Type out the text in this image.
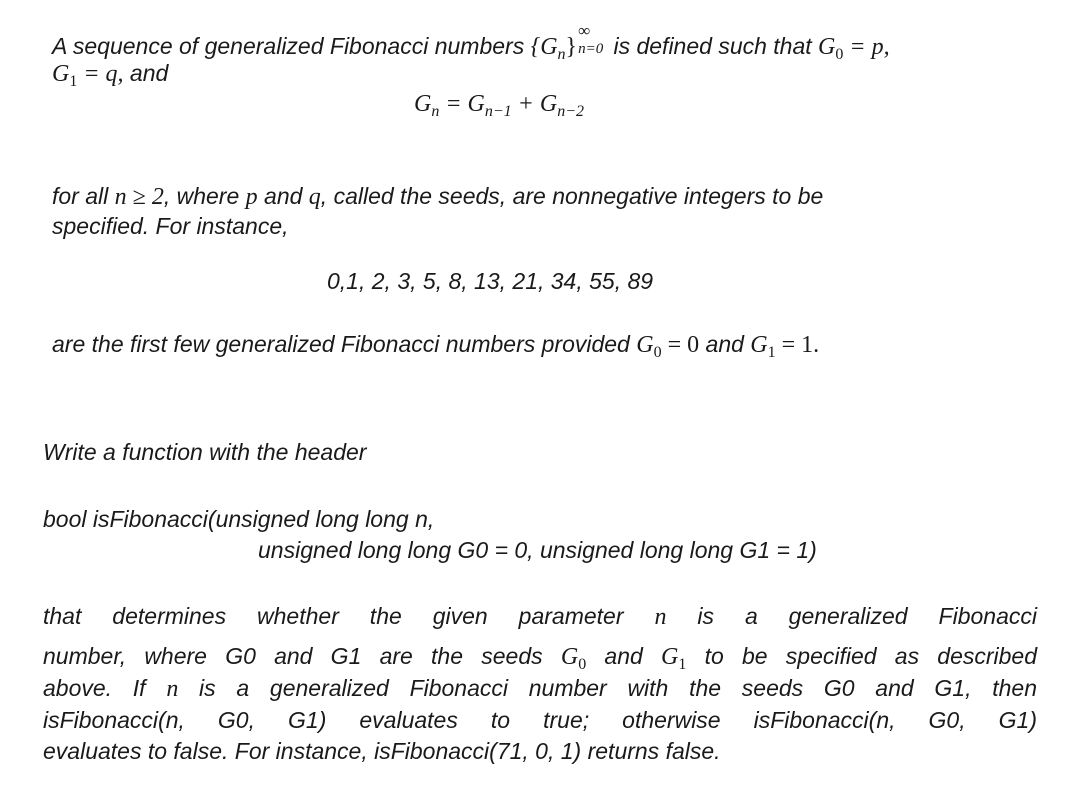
A sequence of generalized Fibonacci numbers $\{G_n\}$
∞
n=0 is defined such that $G_0 = p$,
$G_1 = q$, and
$G_n = G_{n-1} + G_{n-2}$
for all n ≥ 2, where p and q, called the seeds, are nonnegative integers to be
specified. For instance,
0,1, 2, 3, 5, 8, 13, 21, 34, 55, 89
are the first few generalized Fibonacci numbers provided $G_0 = 0$ and $G_1 = 1$.
Write a function with the header
bool isFibonacci(unsigned long long n,
unsigned long long G0 = 0, unsigned long long G1 = 1)
that determines whether the given parameter n is a generalized Fibonacci
number, where G0 and G1 are the seeds $G_0$ and $G_1$ to be specified as described
above. If n is a generalized Fibonacci number with the seeds G0 and G1, then
isFibonacci(n, G0, G1) evaluates to true; otherwise isFibonacci(n, G0, G1)
evaluates to false. For instance, isFibonacci(71, 0, 1) returns false.
